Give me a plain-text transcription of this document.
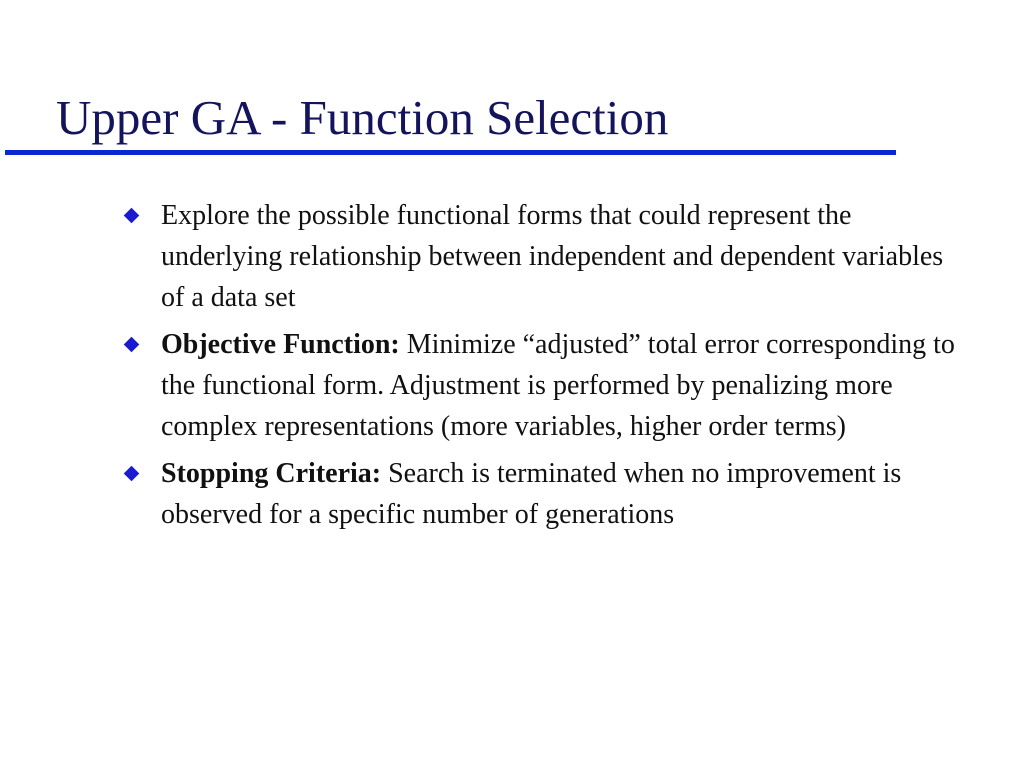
Upper GA - Function Selection
Explore the possible functional forms that could represent the underlying relationship between independent and dependent variables of a data set
Objective Function: Minimize “adjusted” total error corresponding to the functional form. Adjustment is performed by penalizing more complex representations (more variables, higher order terms)
Stopping Criteria: Search is terminated when no improvement is observed for a specific number of generations
